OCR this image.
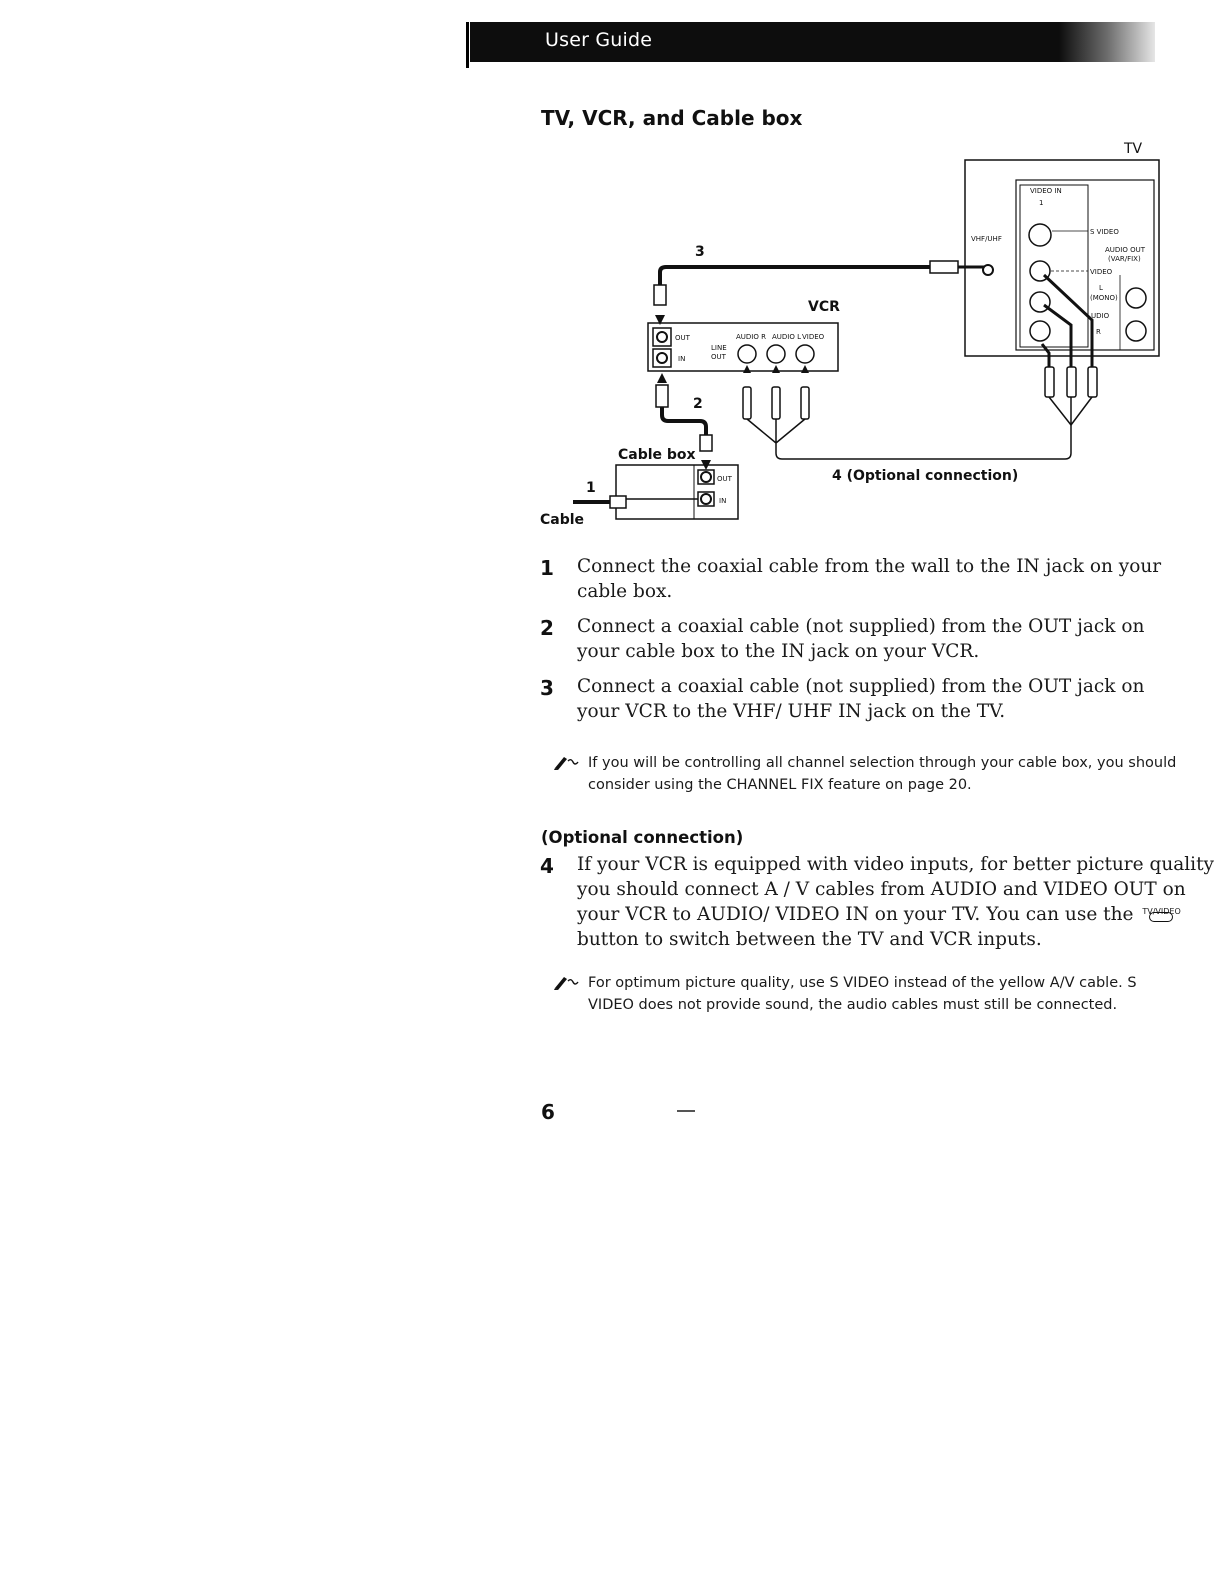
User Guide
TV, VCR, and Cable box
TV
VIDEO IN
1
VHF/UHF
S VIDEO
AUDIO OUT
(VAR/FIX)
VIDEO
L
(MONO)
UDIO
R
3
VCR
OUT
IN
AUDIO R AUDIO L VIDEO
LINE
OUT
2
Cable box
OUT
IN
1
Cable
4 (Optional connection)
1 Connect the coaxial cable from the wall to the IN jack on your cable box.
2 Connect a coaxial cable (not supplied) from the OUT jack on your cable box to the IN jack on your VCR.
3 Connect a coaxial cable (not supplied) from the OUT jack on your VCR to the VHF/ UHF IN jack on the TV.
If you will be controlling all channel selection through your cable box, you should consider using the CHANNEL FIX feature on page 20.
(Optional connection)
4 If your VCR is equipped with video inputs, for better picture quality you should connect A / V cables from AUDIO and VIDEO OUT on your VCR to AUDIO/ VIDEO IN on your TV. You can use the TV/VIDEO
button to switch between the TV and VCR inputs.
For optimum picture quality, use S VIDEO instead of the yellow A/V cable. S VIDEO does not provide sound, the audio cables must still be connected.
6
